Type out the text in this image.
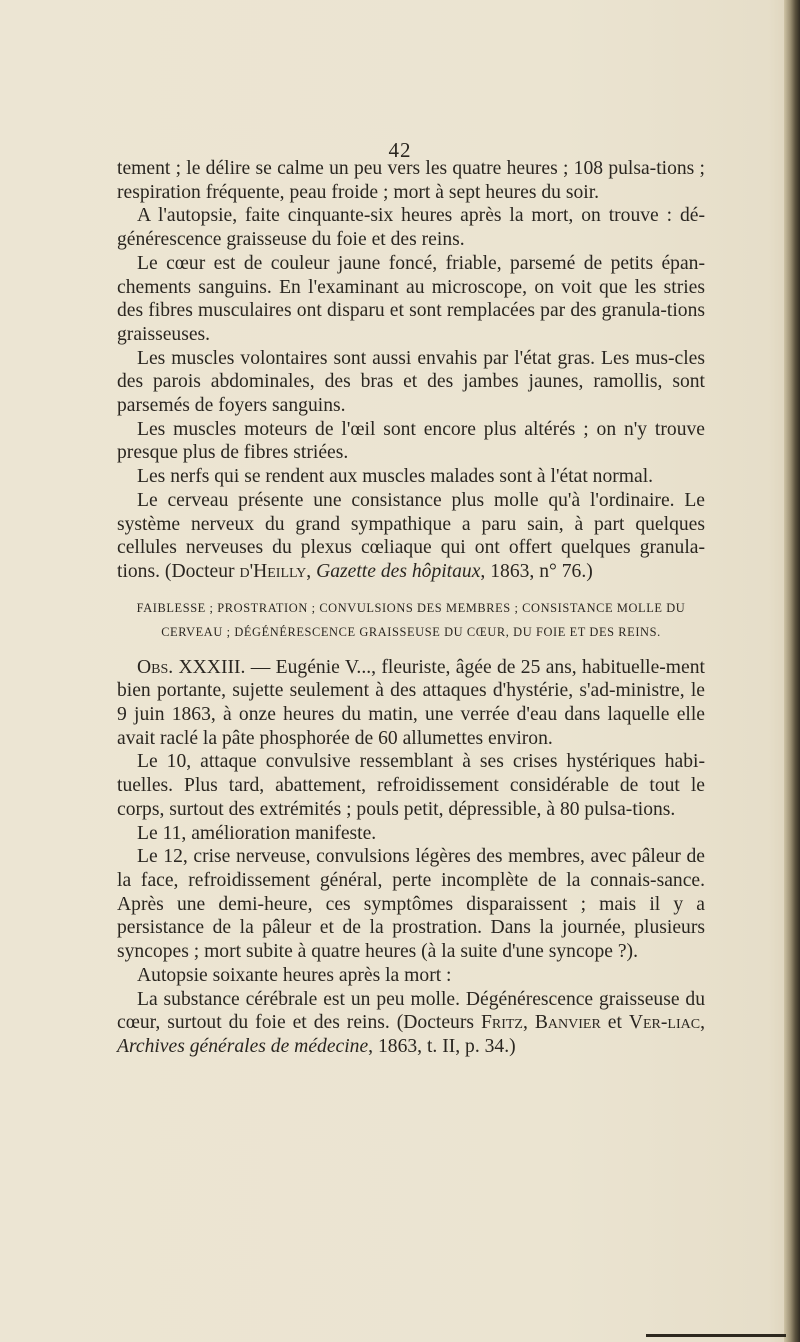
42

tement ; le délire se calme un peu vers les quatre heures ; 108 pulsa-tions ; respiration fréquente, peau froide ; mort à sept heures du soir.

A l'autopsie, faite cinquante-six heures après la mort, on trouve : dé-générescence graisseuse du foie et des reins.

Le cœur est de couleur jaune foncé, friable, parsemé de petits épan-chements sanguins. En l'examinant au microscope, on voit que les stries des fibres musculaires ont disparu et sont remplacées par des granula-tions graisseuses.

Les muscles volontaires sont aussi envahis par l'état gras. Les mus-cles des parois abdominales, des bras et des jambes jaunes, ramollis, sont parsemés de foyers sanguins.

Les muscles moteurs de l'œil sont encore plus altérés ; on n'y trouve presque plus de fibres striées.

Les nerfs qui se rendent aux muscles malades sont à l'état normal.

Le cerveau présente une consistance plus molle qu'à l'ordinaire. Le système nerveux du grand sympathique a paru sain, à part quelques cellules nerveuses du plexus cœliaque qui ont offert quelques granula-tions. (Docteur d'Heilly, Gazette des hôpitaux, 1863, n° 76.)

FAIBLESSE ; PROSTRATION ; CONVULSIONS DES MEMBRES ; CONSISTANCE MOLLE DU CERVEAU ; DÉGÉNÉRESCENCE GRAISSEUSE DU CŒUR, DU FOIE ET DES REINS.

Obs. XXXIII. — Eugénie V..., fleuriste, âgée de 25 ans, habituelle-ment bien portante, sujette seulement à des attaques d'hystérie, s'ad-ministre, le 9 juin 1863, à onze heures du matin, une verrée d'eau dans laquelle elle avait raclé la pâte phosphorée de 60 allumettes environ.

Le 10, attaque convulsive ressemblant à ses crises hystériques habi-tuelles. Plus tard, abattement, refroidissement considérable de tout le corps, surtout des extrémités ; pouls petit, dépressible, à 80 pulsa-tions.

Le 11, amélioration manifeste.

Le 12, crise nerveuse, convulsions légères des membres, avec pâleur de la face, refroidissement général, perte incomplète de la connais-sance. Après une demi-heure, ces symptômes disparaissent ; mais il y a persistance de la pâleur et de la prostration. Dans la journée, plusieurs syncopes ; mort subite à quatre heures (à la suite d'une syncope ?).

Autopsie soixante heures après la mort :

La substance cérébrale est un peu molle. Dégénérescence graisseuse du cœur, surtout du foie et des reins. (Docteurs Fritz, Banvier et Ver-liac, Archives générales de médecine, 1863, t. II, p. 34.)
